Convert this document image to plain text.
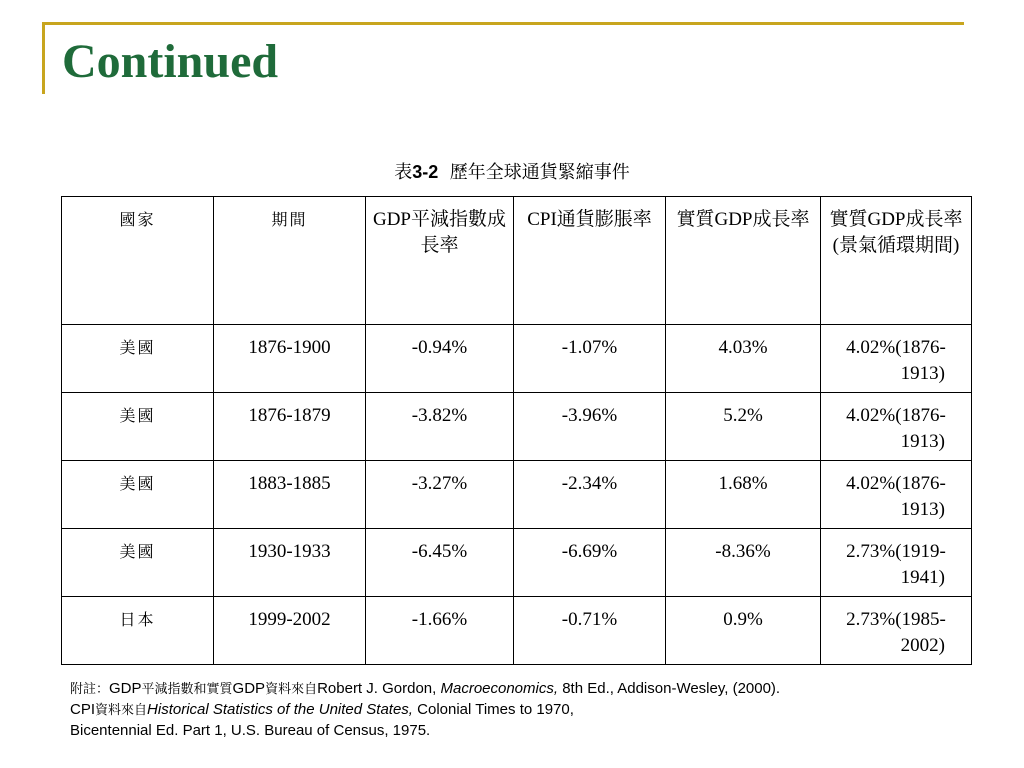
Continued
表3-2 歷年全球通貨緊縮事件
國家	期間	GDP平減指數成長率	CPI通貨膨脹率	實質GDP成長率	實質GDP成長率(景氣循環期間)
美國	1876-1900	-0.94%	-1.07%	4.03%	4.02%(1876-
1913)

美國	1876-1879	-3.82%	-3.96%	5.2%	4.02%(1876-
1913)

美國	1883-1885	-3.27%	-2.34%	1.68%	4.02%(1876-
1913)

美國	1930-1933	-6.45%	-6.69%	-8.36%	2.73%(1919-
1941)

日本	1999-2002	-1.66%	-0.71%	0.9%	2.73%(1985-
2002)
附註：GDP平減指數和實質GDP資料來自Robert J. Gordon, Macroeconomics, 8th Ed., Addison-Wesley, (2000).
CPI資料來自Historical Statistics of the United States, Colonial Times to 1970,
Bicentennial Ed. Part 1, U.S. Bureau of Census, 1975.
